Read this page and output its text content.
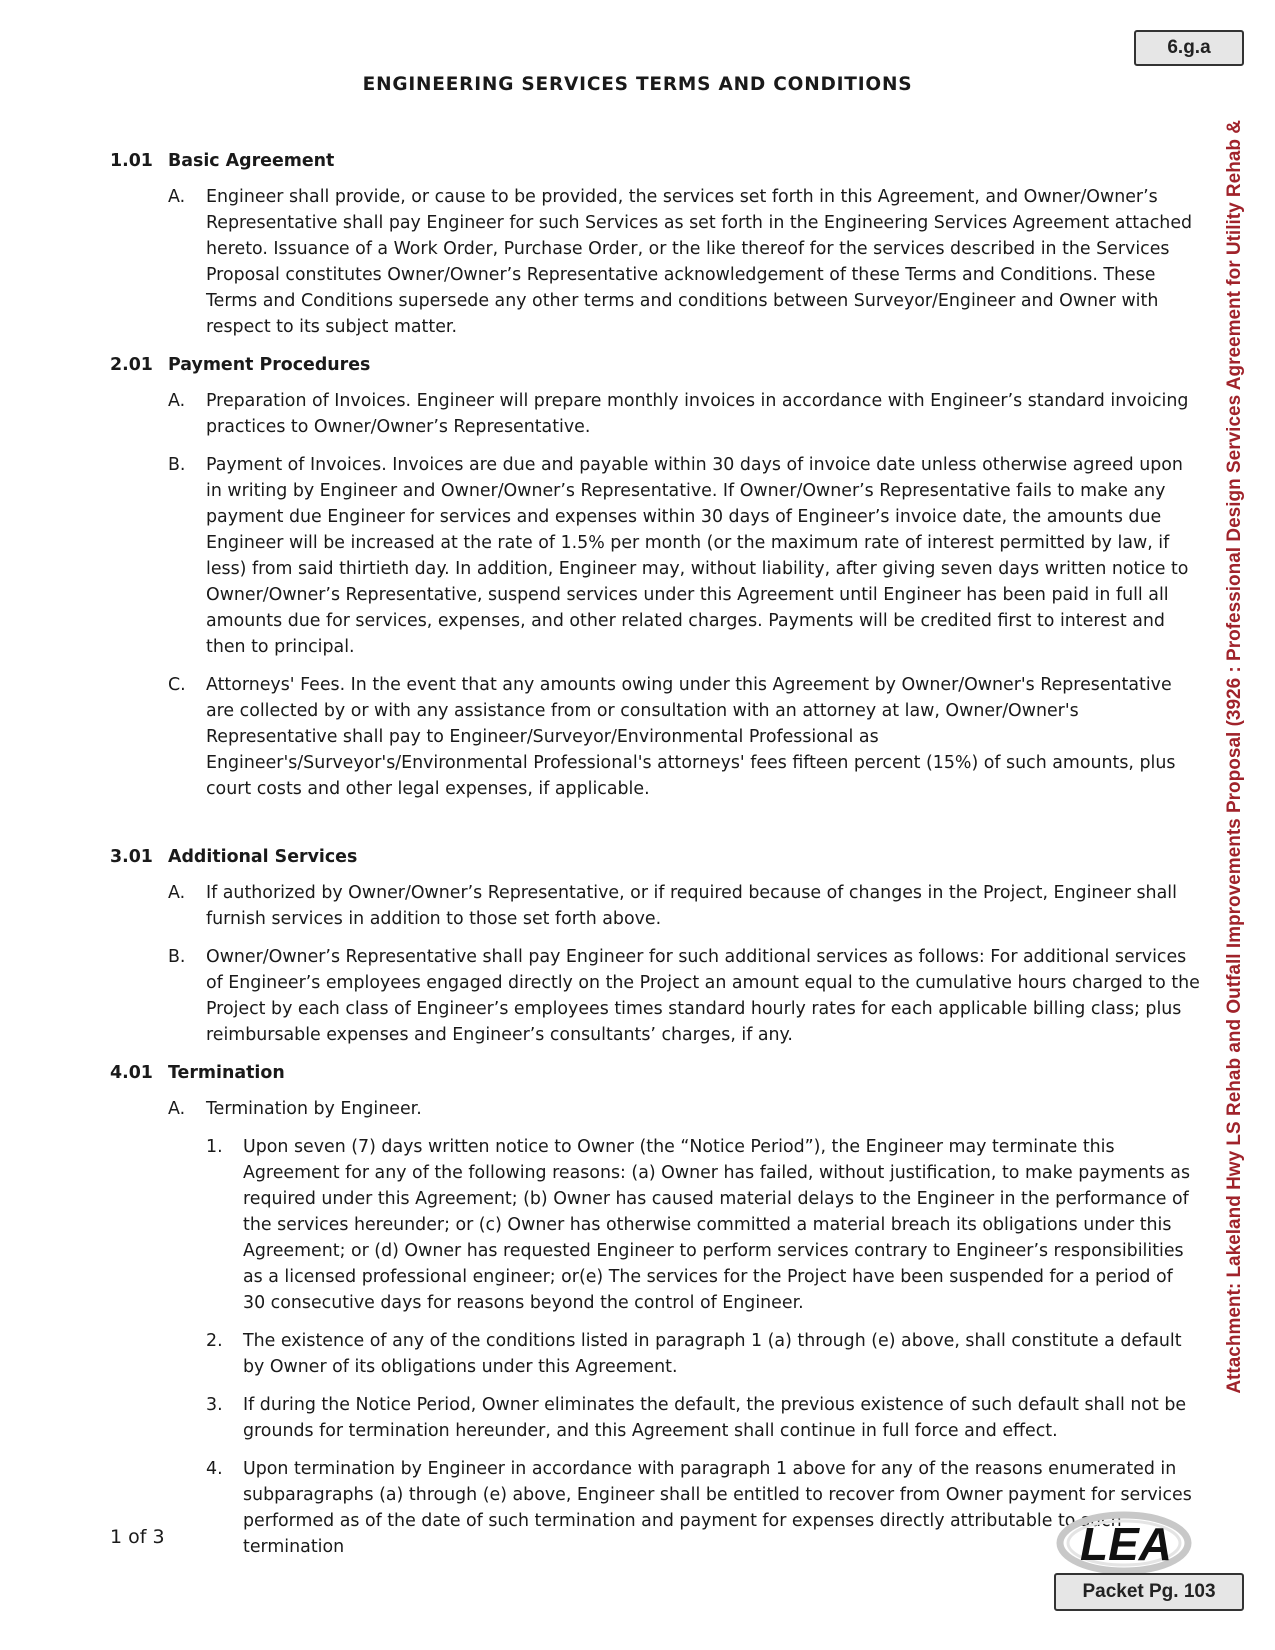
6.g.a
ENGINEERING SERVICES TERMS AND CONDITIONS
1.01 Basic Agreement
A.	Engineer shall provide, or cause to be provided, the services set forth in this Agreement, and Owner/Owner’s Representative shall pay Engineer for such Services as set forth in the Engineering Services Agreement attached hereto. Issuance of a Work Order, Purchase Order, or the like thereof for the services described in the Services Proposal constitutes Owner/Owner’s Representative acknowledgement of these Terms and Conditions. These Terms and Conditions supersede any other terms and conditions between Surveyor/Engineer and Owner with respect to its subject matter.
2.01 Payment Procedures
A.	Preparation of Invoices. Engineer will prepare monthly invoices in accordance with Engineer’s standard invoicing practices to Owner/Owner’s Representative.
B.	Payment of Invoices. Invoices are due and payable within 30 days of invoice date unless otherwise agreed upon in writing by Engineer and Owner/Owner’s Representative. If Owner/Owner’s Representative fails to make any payment due Engineer for services and expenses within 30 days of Engineer’s invoice date, the amounts due Engineer will be increased at the rate of 1.5% per month (or the maximum rate of interest permitted by law, if less) from said thirtieth day. In addition, Engineer may, without liability, after giving seven days written notice to Owner/Owner’s Representative, suspend services under this Agreement until Engineer has been paid in full all amounts due for services, expenses, and other related charges. Payments will be credited first to interest and then to principal.
C.	Attorneys' Fees. In the event that any amounts owing under this Agreement by Owner/Owner's Representative are collected by or with any assistance from or consultation with an attorney at law, Owner/Owner's Representative shall pay to Engineer/Surveyor/Environmental Professional as Engineer's/Surveyor's/Environmental Professional's attorneys' fees fifteen percent (15%) of such amounts, plus court costs and other legal expenses, if applicable.
3.01 Additional Services
A.	If authorized by Owner/Owner’s Representative, or if required because of changes in the Project, Engineer shall furnish services in addition to those set forth above.
B.	Owner/Owner’s Representative shall pay Engineer for such additional services as follows: For additional services of Engineer’s employees engaged directly on the Project an amount equal to the cumulative hours charged to the Project by each class of Engineer’s employees times standard hourly rates for each applicable billing class; plus reimbursable expenses and Engineer’s consultants’ charges, if any.
4.01 Termination
A.	Termination by Engineer.
1.	Upon seven (7) days written notice to Owner (the “Notice Period”), the Engineer may terminate this Agreement for any of the following reasons: (a) Owner has failed, without justification, to make payments as required under this Agreement; (b) Owner has caused material delays to the Engineer in the performance of the services hereunder; or (c) Owner has otherwise committed a material breach its obligations under this Agreement; or (d) Owner has requested Engineer to perform services contrary to Engineer’s responsibilities as a licensed professional engineer; or(e) The services for the Project have been suspended for a period of 30 consecutive days for reasons beyond the control of Engineer.
2.	The existence of any of the conditions listed in paragraph 1 (a) through (e) above, shall constitute a default by Owner of its obligations under this Agreement.
3.	If during the Notice Period, Owner eliminates the default, the previous existence of such default shall not be grounds for termination hereunder, and this Agreement shall continue in full force and effect.
4.	Upon termination by Engineer in accordance with paragraph 1 above for any of the reasons enumerated in subparagraphs (a) through (e) above, Engineer shall be entitled to recover from Owner payment for services performed as of the date of such termination and payment for expenses directly attributable to such termination
Attachment: Lakeland Hwy LS Rehab and Outfall Improvements Proposal (3926 : Professional Design Services Agreement for Utility Rehab &
1 of 3	LEA
Packet Pg. 103
